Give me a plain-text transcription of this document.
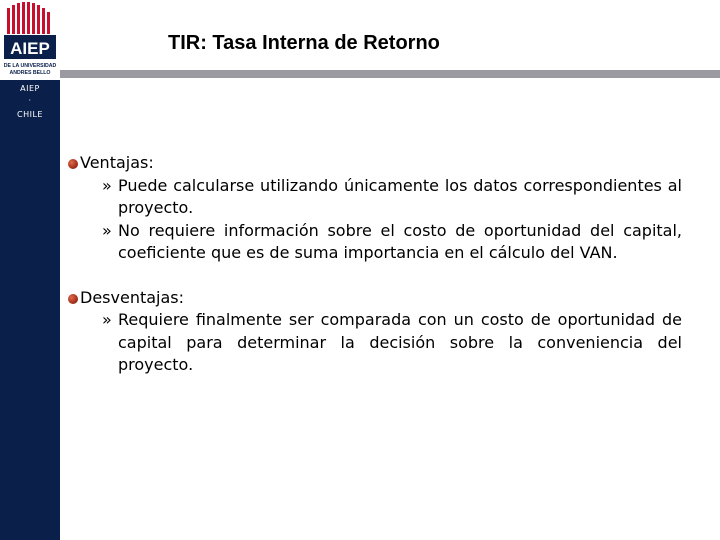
AIEP
DE LA UNIVERSIDAD
ANDRES BELLO
AIEP
·
CHILE
TIR: Tasa Interna de Retorno
Ventajas:
» Puede calcularse utilizando únicamente los datos correspondientes al proyecto.
» No requiere información sobre el costo de oportunidad del capital, coeficiente que es de suma importancia en el cálculo del VAN.
Desventajas:
» Requiere finalmente ser comparada con un costo de oportunidad de capital para determinar la decisión sobre la conveniencia del proyecto.
